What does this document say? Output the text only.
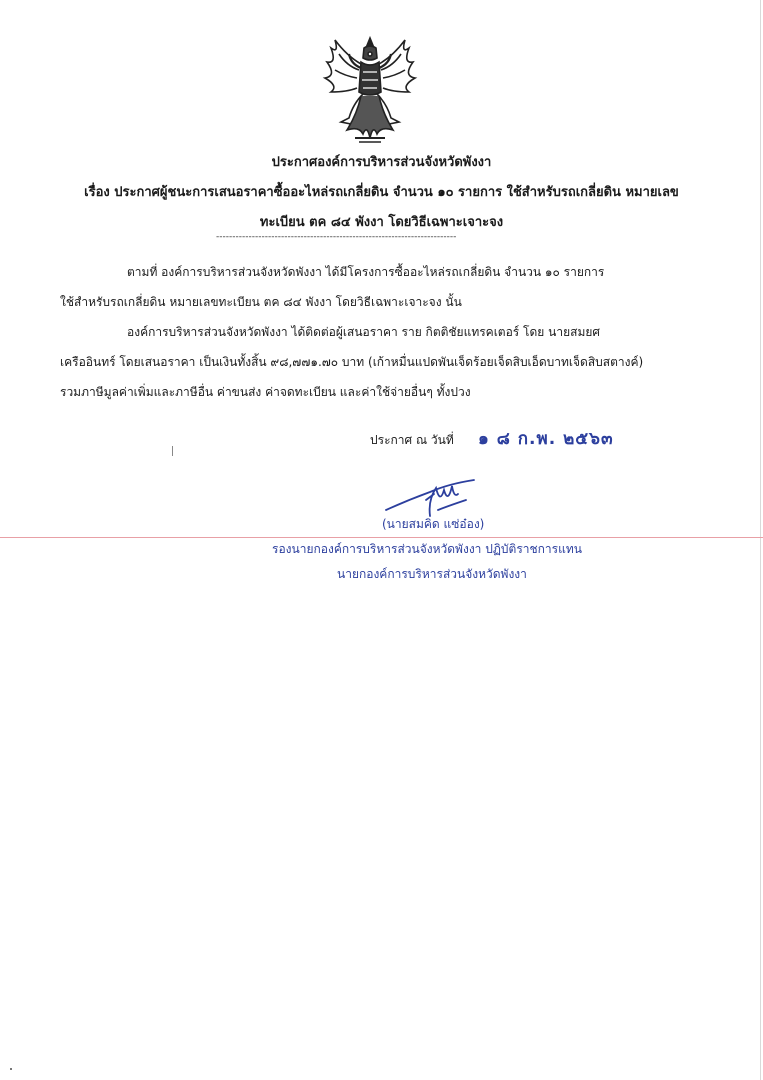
ประกาศองค์การบริหารส่วนจังหวัดพังงา
เรื่อง ประกาศผู้ชนะการเสนอราคาซื้ออะไหล่รถเกลี่ยดิน จำนวน ๑๐ รายการ ใช้สำหรับรถเกลี่ยดิน หมายเลข
ทะเบียน ตค ๘๔ พังงา โดยวิธีเฉพาะเจาะจง
--------------------------------------------------------------------------
ตามที่ องค์การบริหารส่วนจังหวัดพังงา ได้มีโครงการซื้ออะไหล่รถเกลี่ยดิน จำนวน ๑๐ รายการ
ใช้สำหรับรถเกลี่ยดิน หมายเลขทะเบียน ตค ๘๔ พังงา โดยวิธีเฉพาะเจาะจง นั้น
องค์การบริหารส่วนจังหวัดพังงา ได้ติดต่อผู้เสนอราคา ราย กิตติชัยแทรคเตอร์ โดย นายสมยศ
เครืออินทร์ โดยเสนอราคา เป็นเงินทั้งสิ้น ๙๘,๗๗๑.๗๐ บาท (เก้าหมื่นแปดพันเจ็ดร้อยเจ็ดสิบเอ็ดบาทเจ็ดสิบสตางค์)
รวมภาษีมูลค่าเพิ่มและภาษีอื่น ค่าขนส่ง ค่าจดทะเบียน และค่าใช้จ่ายอื่นๆ ทั้งปวง
ประกาศ ณ วันที่ ๑ ๘ ก.พ. ๒๕๖๓
(นายสมคิด แซ่อ๋อง)
รองนายกองค์การบริหารส่วนจังหวัดพังงา ปฏิบัติราชการแทน
นายกองค์การบริหารส่วนจังหวัดพังงา
